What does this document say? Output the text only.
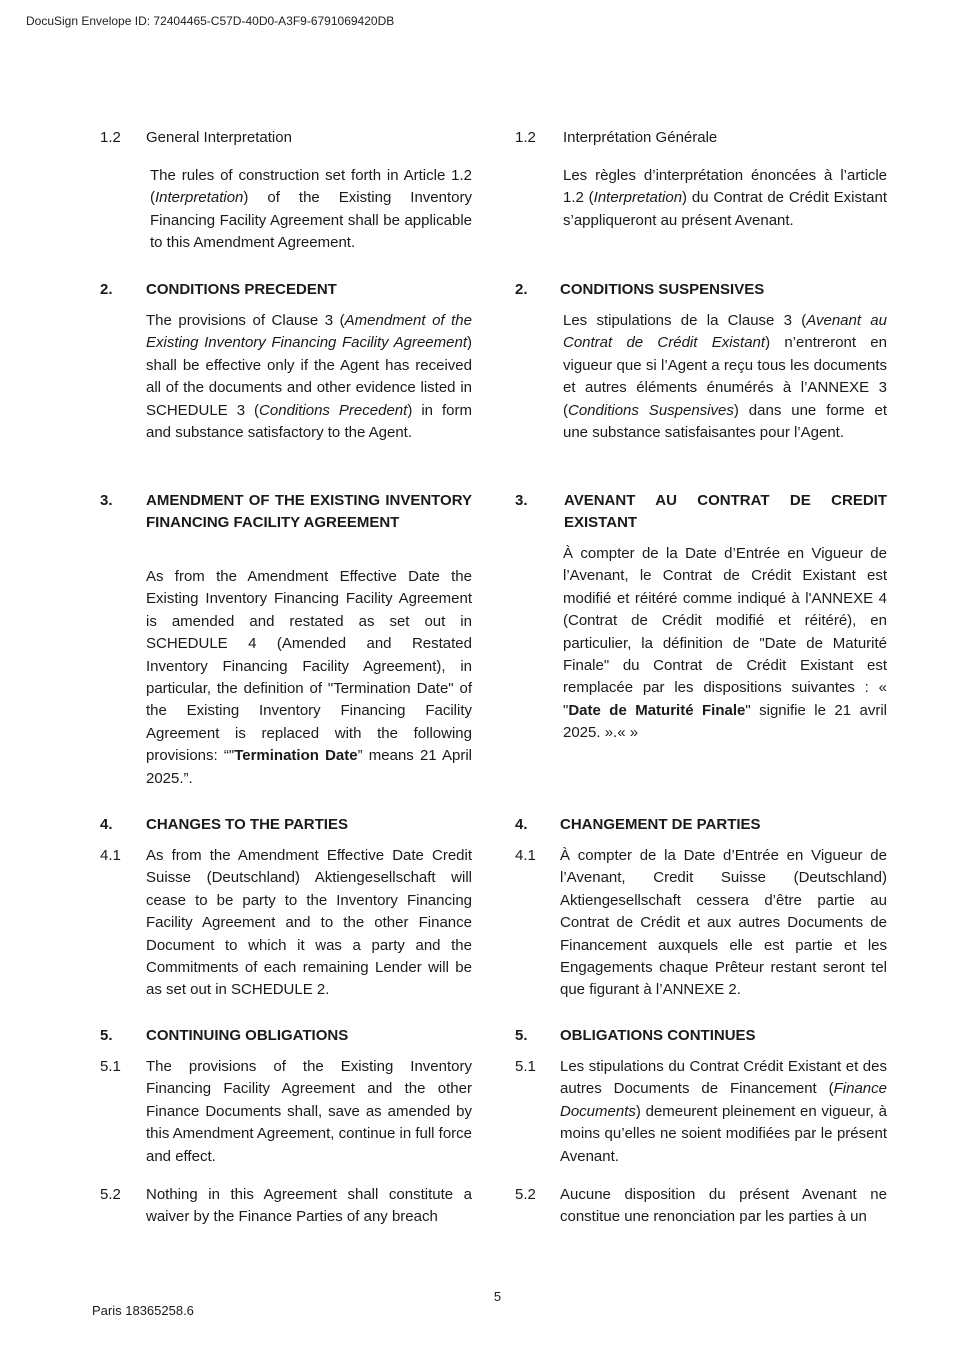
DocuSign Envelope ID: 72404465-C57D-40D0-A3F9-6791069420DB
1.2 General Interpretation
The rules of construction set forth in Article 1.2 (Interpretation) of the Existing Inventory Financing Facility Agreement shall be applicable to this Amendment Agreement.
2. CONDITIONS PRECEDENT
The provisions of Clause 3 (Amendment of the Existing Inventory Financing Facility Agreement) shall be effective only if the Agent has received all of the documents and other evidence listed in SCHEDULE 3 (Conditions Precedent) in form and substance satisfactory to the Agent.
3. AMENDMENT OF THE EXISTING INVENTORY FINANCING FACILITY AGREEMENT
As from the Amendment Effective Date the Existing Inventory Financing Facility Agreement is amended and restated as set out in SCHEDULE 4 (Amended and Restated Inventory Financing Facility Agreement), in particular, the definition of "Termination Date" of the Existing Inventory Financing Facility Agreement is replaced with the following provisions: “"Termination Date” means 21 April 2025.”.
4. CHANGES TO THE PARTIES
4.1 As from the Amendment Effective Date Credit Suisse (Deutschland) Aktiengesellschaft will cease to be party to the Inventory Financing Facility Agreement and to the other Finance Document to which it was a party and the Commitments of each remaining Lender will be as set out in SCHEDULE 2.
5. CONTINUING OBLIGATIONS
5.1 The provisions of the Existing Inventory Financing Facility Agreement and the other Finance Documents shall, save as amended by this Amendment Agreement, continue in full force and effect.
5.2 Nothing in this Agreement shall constitute a waiver by the Finance Parties of any breach
1.2 Interprétation Générale
Les règles d’interprétation énoncées à l’article 1.2 (Interpretation) du Contrat de Crédit Existant s’appliqueront au présent Avenant.
2. CONDITIONS SUSPENSIVES
Les stipulations de la Clause 3 (Avenant au Contrat de Crédit Existant) n’entreront en vigueur que si l’Agent a reçu tous les documents et autres éléments énumérés à l’ANNEXE 3 (Conditions Suspensives) dans une forme et une substance satisfaisantes pour l’Agent.
3. AVENANT AU CONTRAT DE CREDIT EXISTANT
À compter de la Date d’Entrée en Vigueur de l’Avenant, le Contrat de Crédit Existant est modifié et réitéré comme indiqué à l'ANNEXE 4 (Contrat de Crédit modifié et réitéré), en particulier, la définition de "Date de Maturité Finale" du Contrat de Crédit Existant est remplacée par les dispositions suivantes : « "Date de Maturité Finale" signifie le 21 avril 2025. ».« »
4. CHANGEMENT DE PARTIES
4.1 À compter de la Date d’Entrée en Vigueur de l’Avenant, Credit Suisse (Deutschland) Aktiengesellschaft cessera d’être partie au Contrat de Crédit et aux autres Documents de Financement auxquels elle est partie et les Engagements chaque Prêteur restant seront tel que figurant à l’ANNEXE 2.
5. OBLIGATIONS CONTINUES
5.1 Les stipulations du Contrat Crédit Existant et des autres Documents de Financement (Finance Documents) demeurent pleinement en vigueur, à moins qu’elles ne soient modifiées par le présent Avenant.
5.2 Aucune disposition du présent Avenant ne constitue une renonciation par les parties à un
5
Paris 18365258.6
